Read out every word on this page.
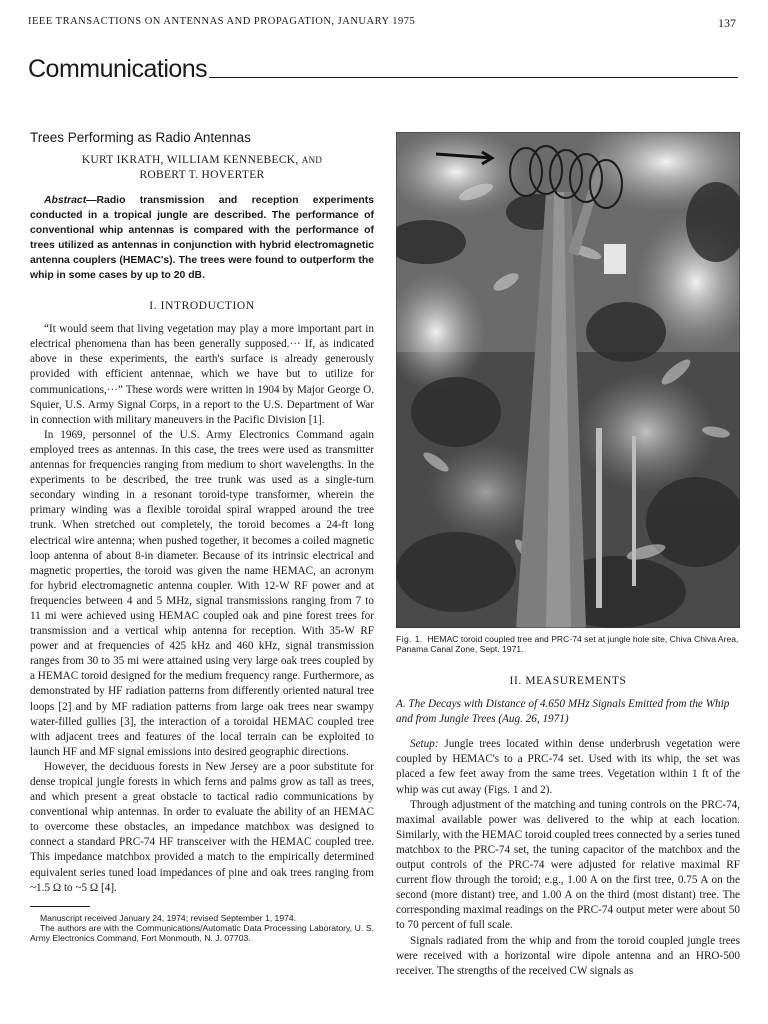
IEEE TRANSACTIONS ON ANTENNAS AND PROPAGATION, JANUARY 1975	137
Communications
Trees Performing as Radio Antennas
KURT IKRATH, WILLIAM KENNEBECK, AND
ROBERT T. HOVERTER

Abstract—Radio transmission and reception experiments conducted in a tropical jungle are described. The performance of conventional whip antennas is compared with the performance of trees utilized as antennas in conjunction with hybrid electromagnetic antenna couplers (HEMAC's). The trees were found to outperform the whip in some cases by up to 20 dB.

I. INTRODUCTION

“It would seem that living vegetation may play a more important part in electrical phenomena than has been generally supposed.··· If, as indicated above in these experiments, the earth's surface is already generously provided with efficient antennae, which we have but to utilize for communications,···” These words were written in 1904 by Major George O. Squier, U.S. Army Signal Corps, in a report to the U.S. Department of War in connection with military maneuvers in the Pacific Division [1].

In 1969, personnel of the U.S. Army Electronics Command again employed trees as antennas. In this case, the trees were used as transmitter antennas for frequencies ranging from medium to short wavelengths. In the experiments to be described, the tree trunk was used as a single-turn secondary winding in a resonant toroid-type transformer, wherein the primary winding was a flexible toroidal spiral wrapped around the tree trunk. When stretched out completely, the toroid becomes a 24-ft long electrical wire antenna; when pushed together, it becomes a coiled magnetic loop antenna of about 8-in diameter. Because of its intrinsic electrical and magnetic properties, the toroid was given the name HEMAC, an acronym for hybrid electromagnetic antenna coupler. With 12-W RF power and at frequencies between 4 and 5 MHz, signal transmissions ranging from 7 to 11 mi were achieved using HEMAC coupled oak and pine forest trees for transmission and a vertical whip antenna for reception. With 35-W RF power and at frequencies of 425 kHz and 460 kHz, signal transmission ranges from 30 to 35 mi were attained using very large oak trees coupled by a HEMAC toroid designed for the medium frequency range. Furthermore, as demonstrated by HF radiation patterns from differently oriented natural tree loops [2] and by MF radiation patterns from large oak trees near swampy water-filled gullies [3], the interaction of a toroidal HEMAC coupled tree with adjacent trees and features of the local terrain can be exploited to launch HF and MF signal emissions into desired geographic directions.

However, the deciduous forests in New Jersey are a poor substitute for dense tropical jungle forests in which ferns and palms grow as tall as trees, and which present a great obstacle to tactical radio communications by conventional whip antennas. In order to evaluate the ability of an HEMAC to overcome these obstacles, an impedance matchbox was designed to connect a standard PRC-74 HF transceiver with the HEMAC coupled tree. This impedance matchbox provided a match to the empirically determined equivalent series tuned load impedances of pine and oak trees ranging from ~1.5 Ω to ~5 Ω [4].

Manuscript received January 24, 1974; revised September 1, 1974.

The authors are with the Communications/Automatic Data Processing Laboratory, U. S. Army Electronics Command, Fort Monmouth, N. J. 07703.

Fig. 1. HEMAC toroid coupled tree and PRC-74 set at jungle hole site, Chiva Chiva Area, Panama Canal Zone, Sept. 1971.

II. MEASUREMENTS

A. The Decays with Distance of 4.650 MHz Signals Emitted from the Whip and from Jungle Trees (Aug. 26, 1971)

Setup: Jungle trees located within dense underbrush vegetation were coupled by HEMAC's to a PRC-74 set. Used with its whip, the set was placed a few feet away from the same trees. Vegetation within 1 ft of the whip was cut away (Figs. 1 and 2).

Through adjustment of the matching and tuning controls on the PRC-74, maximal available power was delivered to the whip at each location. Similarly, with the HEMAC toroid coupled trees connected by a series tuned matchbox to the PRC-74 set, the tuning capacitor of the matchbox and the output controls of the PRC-74 were adjusted for relative maximal RF current flow through the toroid; e.g., 1.00 A on the first tree, 0.75 A on the second (more distant) tree, and 1.00 A on the third (most distant) tree. The corresponding maximal readings on the PRC-74 output meter were about 50 to 70 percent of full scale.

Signals radiated from the whip and from the toroid coupled jungle trees were received with a horizontal wire dipole antenna and an HRO-500 receiver. The strengths of the received CW signals as
